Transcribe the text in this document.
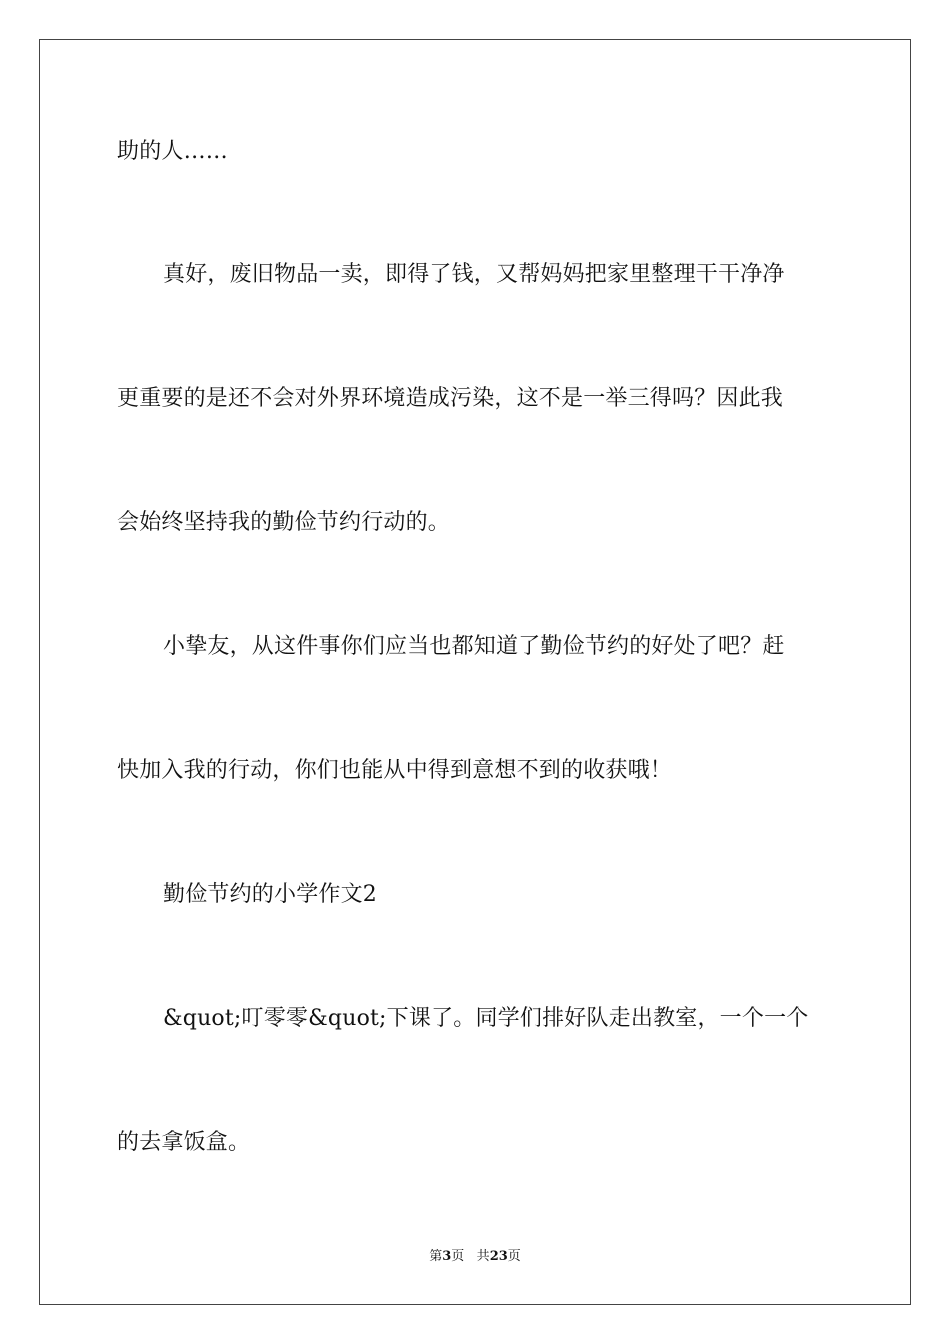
助的人……
真好，废旧物品一卖，即得了钱，又帮妈妈把家里整理干干净净
更重要的是还不会对外界环境造成污染，这不是一举三得吗？因此我
会始终坚持我的勤俭节约行动的。
小挚友，从这件事你们应当也都知道了勤俭节约的好处了吧？赶
快加入我的行动，你们也能从中得到意想不到的收获哦！
勤俭节约的小学作文2
&quot;叮零零&quot;下课了。同学们排好队走出教室，一个一个
的去拿饭盒。
第3页 共23页
